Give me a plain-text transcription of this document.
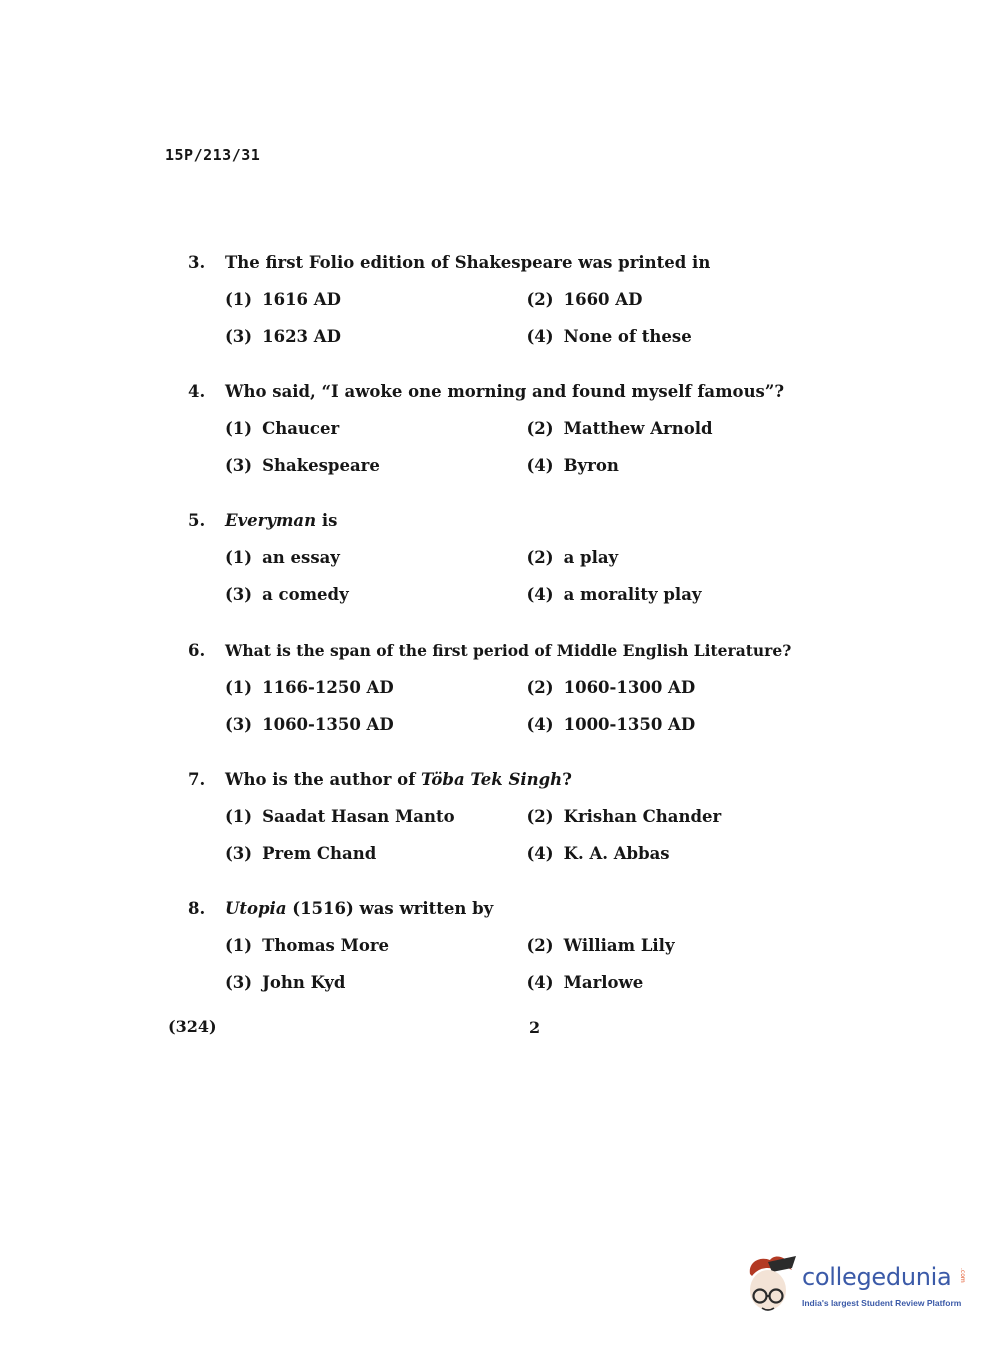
15P/213/31
3.	The first Folio edition of Shakespeare was printed in
(1) 1616 AD	(2) 1660 AD
(3) 1623 AD	(4) None of these
4.	Who said, “I awoke one morning and found myself famous”?
(1) Chaucer	(2) Matthew Arnold
(3) Shakespeare	(4) Byron
5.	Everyman is
(1) an essay	(2) a play
(3) a comedy	(4) a morality play
6.	What is the span of the first period of Middle English Literature?
(1) 1166-1250 AD	(2) 1060-1300 AD
(3) 1060-1350 AD	(4) 1000-1350 AD
7.	Who is the author of Töba Tek Singh?
(1) Saadat Hasan Manto	(2) Krishan Chander
(3) Prem Chand	(4) K. A. Abbas
8.	Utopia (1516) was written by
(1) Thomas More	(2) William Lily
(3) John Kyd	(4) Marlowe
(324)	2
collegedunia .com
India's largest Student Review Platform
